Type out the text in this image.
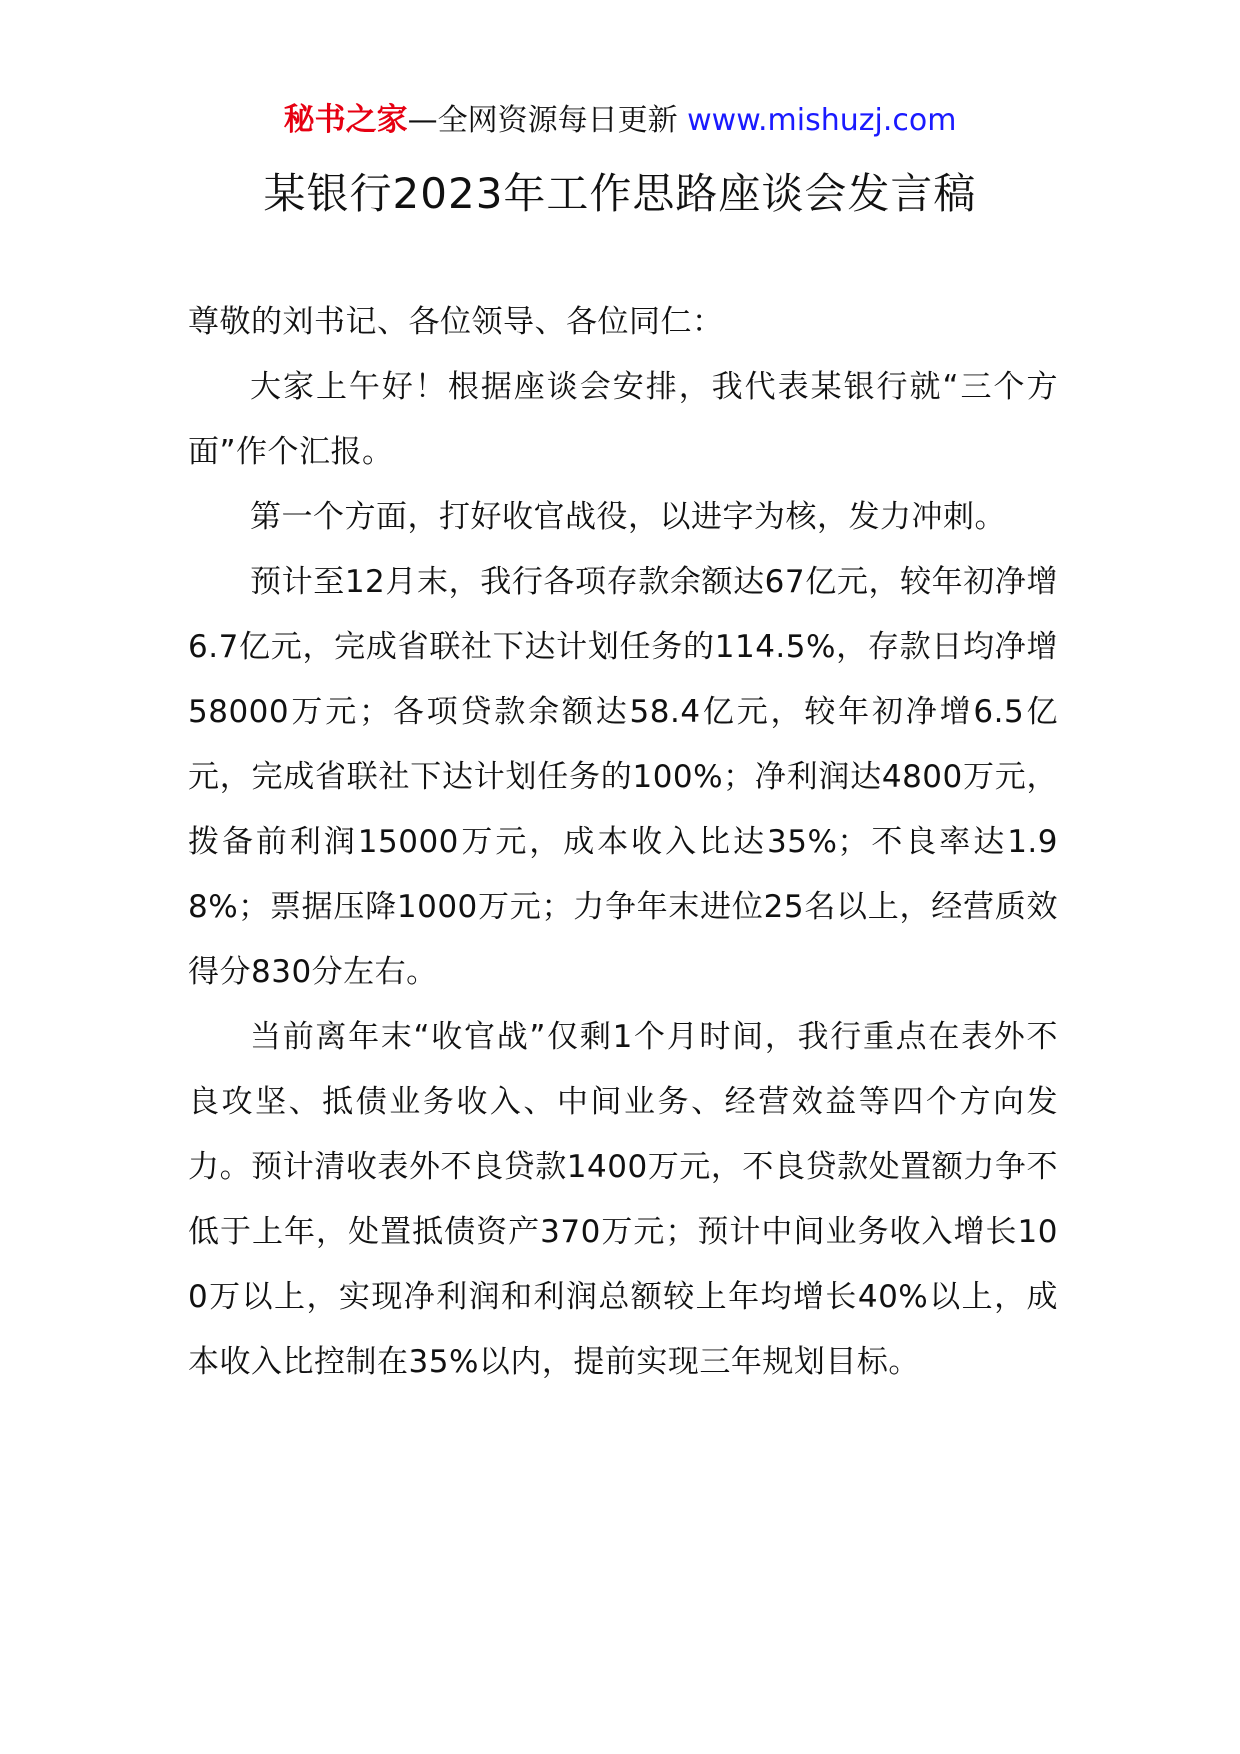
秘书之家—全网资源每日更新 www.mishuzj.com
某银行2023年工作思路座谈会发言稿

尊敬的刘书记、各位领导、各位同仁：

大家上午好！根据座谈会安排，我代表某银行就“三个方面”作个汇报。

第一个方面，打好收官战役，以进字为核，发力冲刺。

预计至12月末，我行各项存款余额达67亿元，较年初净增6.7亿元，完成省联社下达计划任务的114.5%，存款日均净增58000万元；各项贷款余额达58.4亿元，较年初净增6.5亿元，完成省联社下达计划任务的100%；净利润达4800万元，拨备前利润15000万元，成本收入比达35%；不良率达1.98%；票据压降1000万元；力争年末进位25名以上，经营质效得分830分左右。

当前离年末“收官战”仅剩1个月时间，我行重点在表外不良攻坚、抵债业务收入、中间业务、经营效益等四个方向发力。预计清收表外不良贷款1400万元，不良贷款处置额力争不低于上年，处置抵债资产370万元；预计中间业务收入增长100万以上，实现净利润和利润总额较上年均增长40%以上，成本收入比控制在35%以内，提前实现三年规划目标。
